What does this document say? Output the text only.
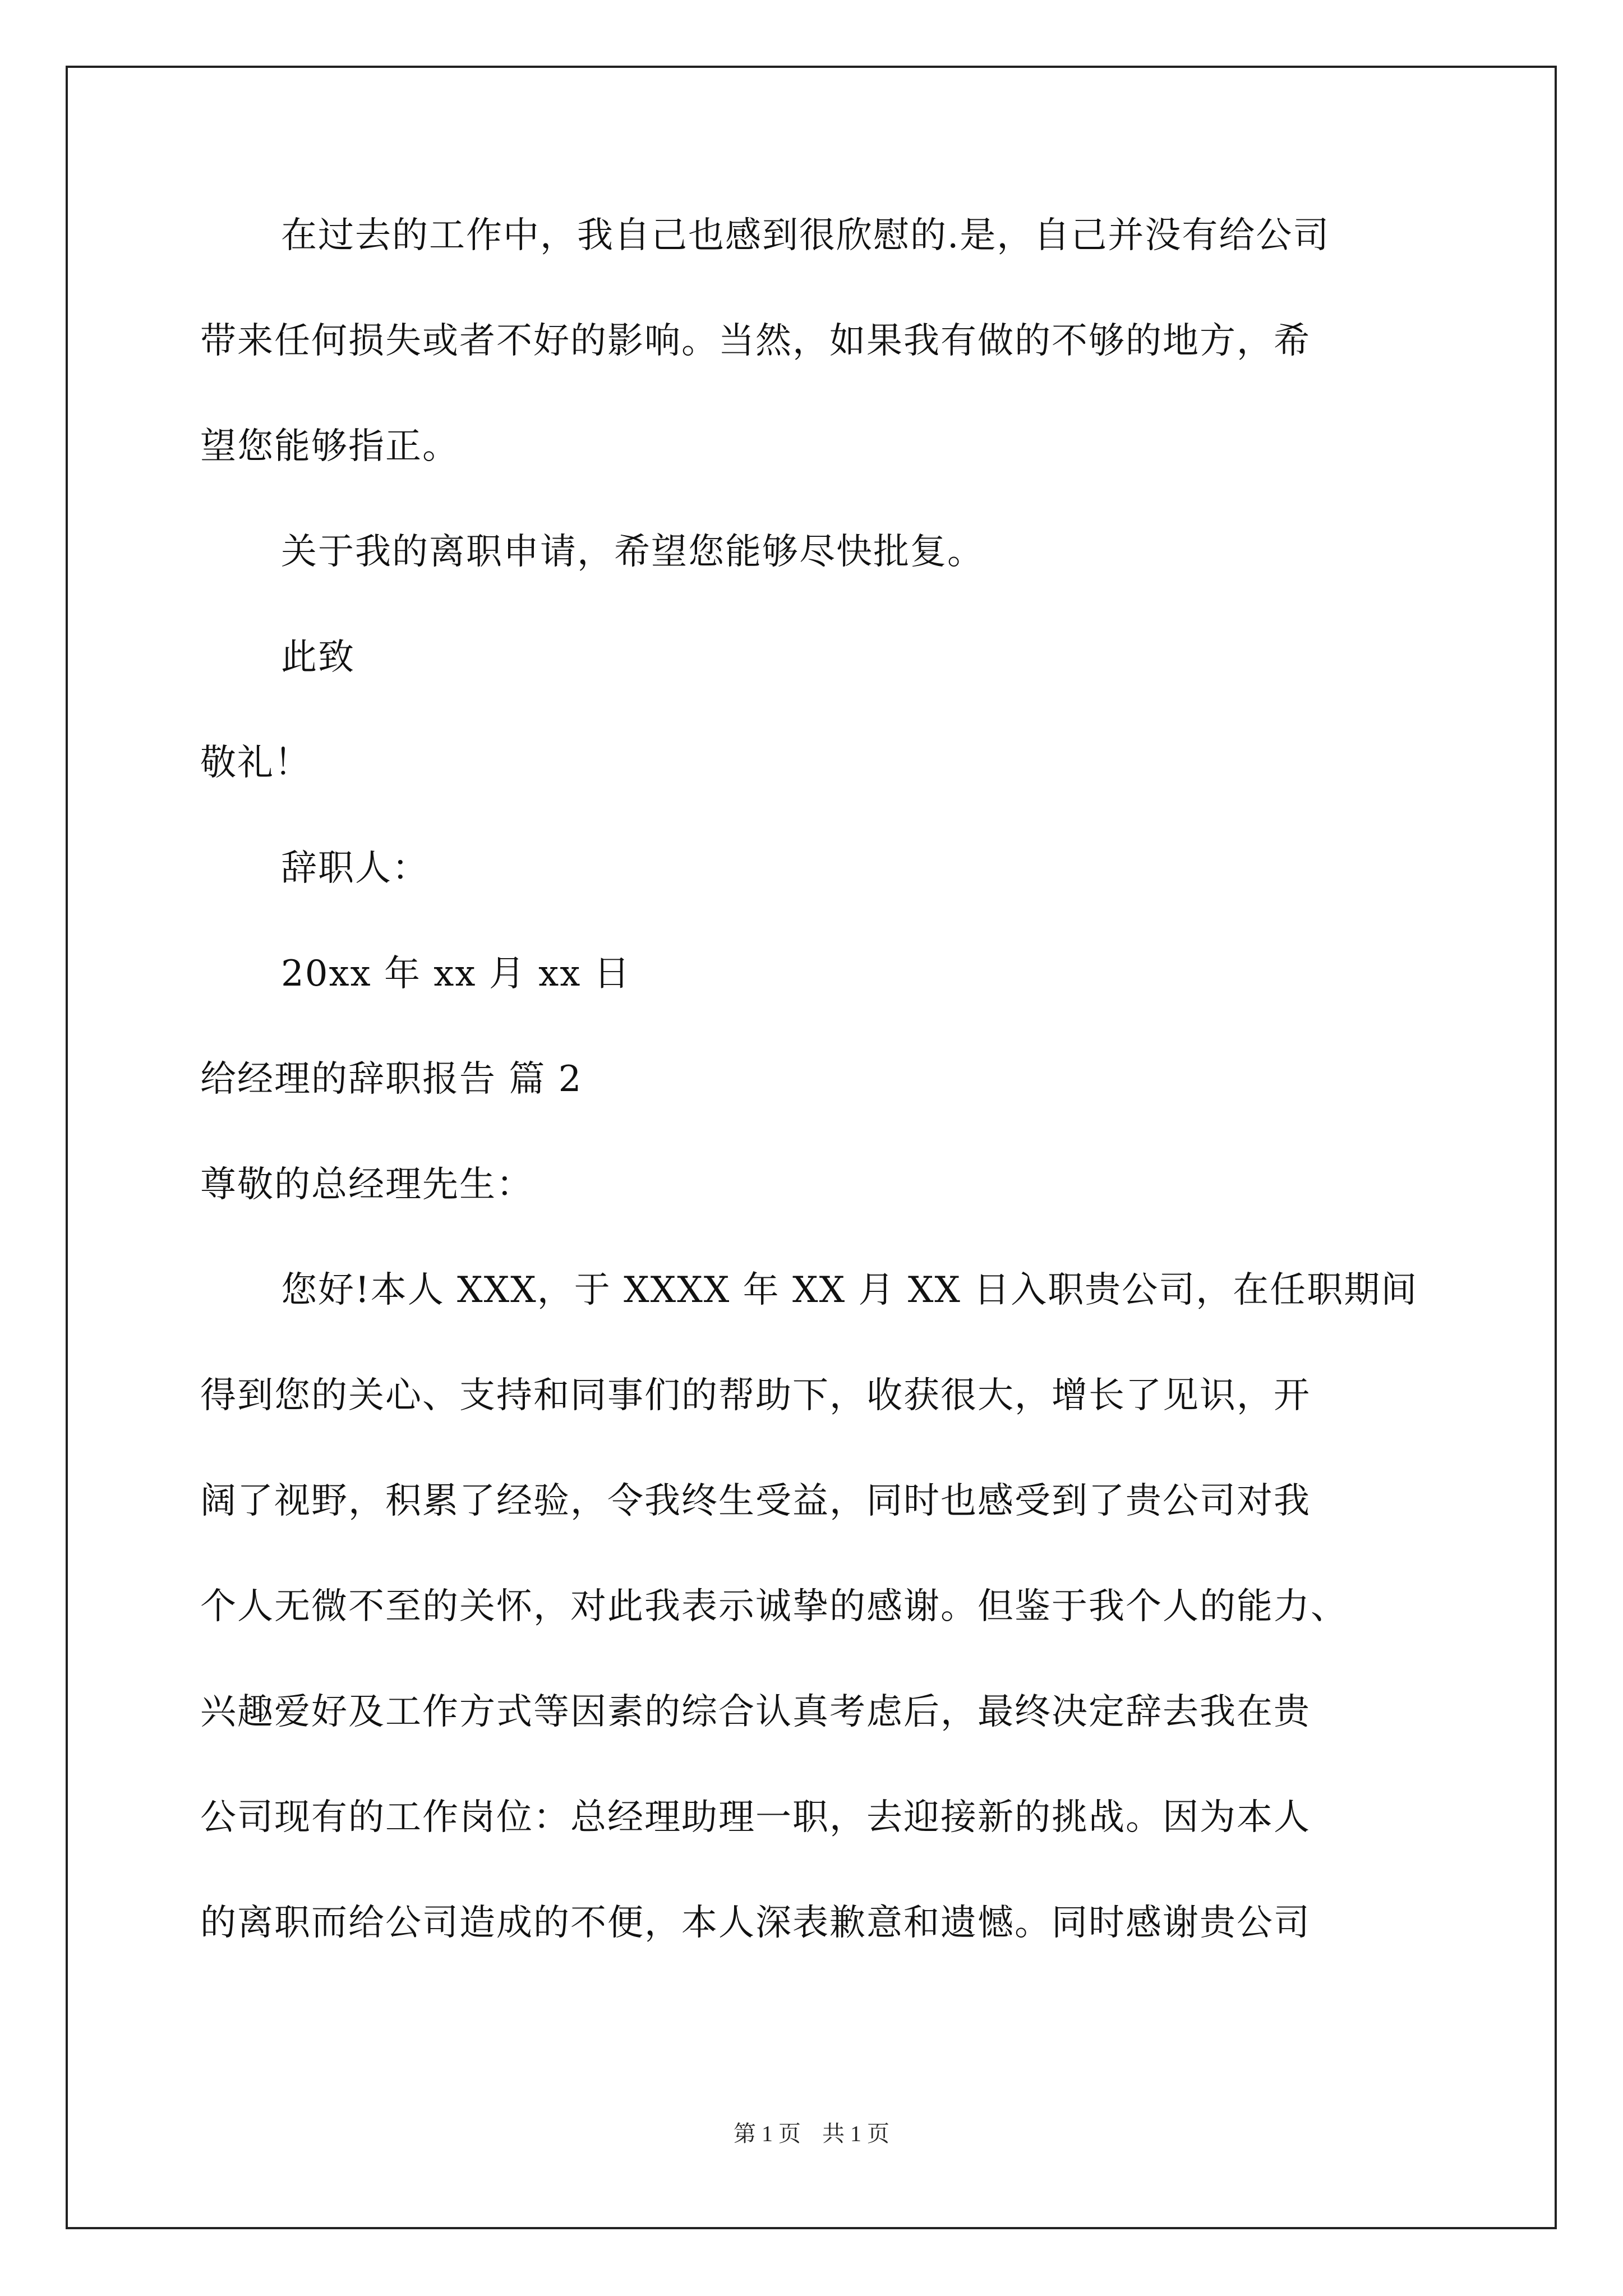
在过去的工作中，我自己也感到很欣慰的.是，自己并没有给公司
带来任何损失或者不好的影响。当然，如果我有做的不够的地方，希
望您能够指正。
关于我的离职申请，希望您能够尽快批复。
此致
敬礼！
辞职人：
20xx 年 xx 月 xx 日
给经理的辞职报告 篇 2
尊敬的总经理先生：
您好!本人 XXX，于 XXXX 年 XX 月 XX 日入职贵公司，在任职期间
得到您的关心、支持和同事们的帮助下，收获很大，增长了见识，开
阔了视野，积累了经验，令我终生受益，同时也感受到了贵公司对我
个人无微不至的关怀，对此我表示诚挚的感谢。但鉴于我个人的能力、
兴趣爱好及工作方式等因素的综合认真考虑后，最终决定辞去我在贵
公司现有的工作岗位：总经理助理一职，去迎接新的挑战。因为本人
的离职而给公司造成的不便，本人深表歉意和遗憾。同时感谢贵公司
第 1 页 共 1 页
